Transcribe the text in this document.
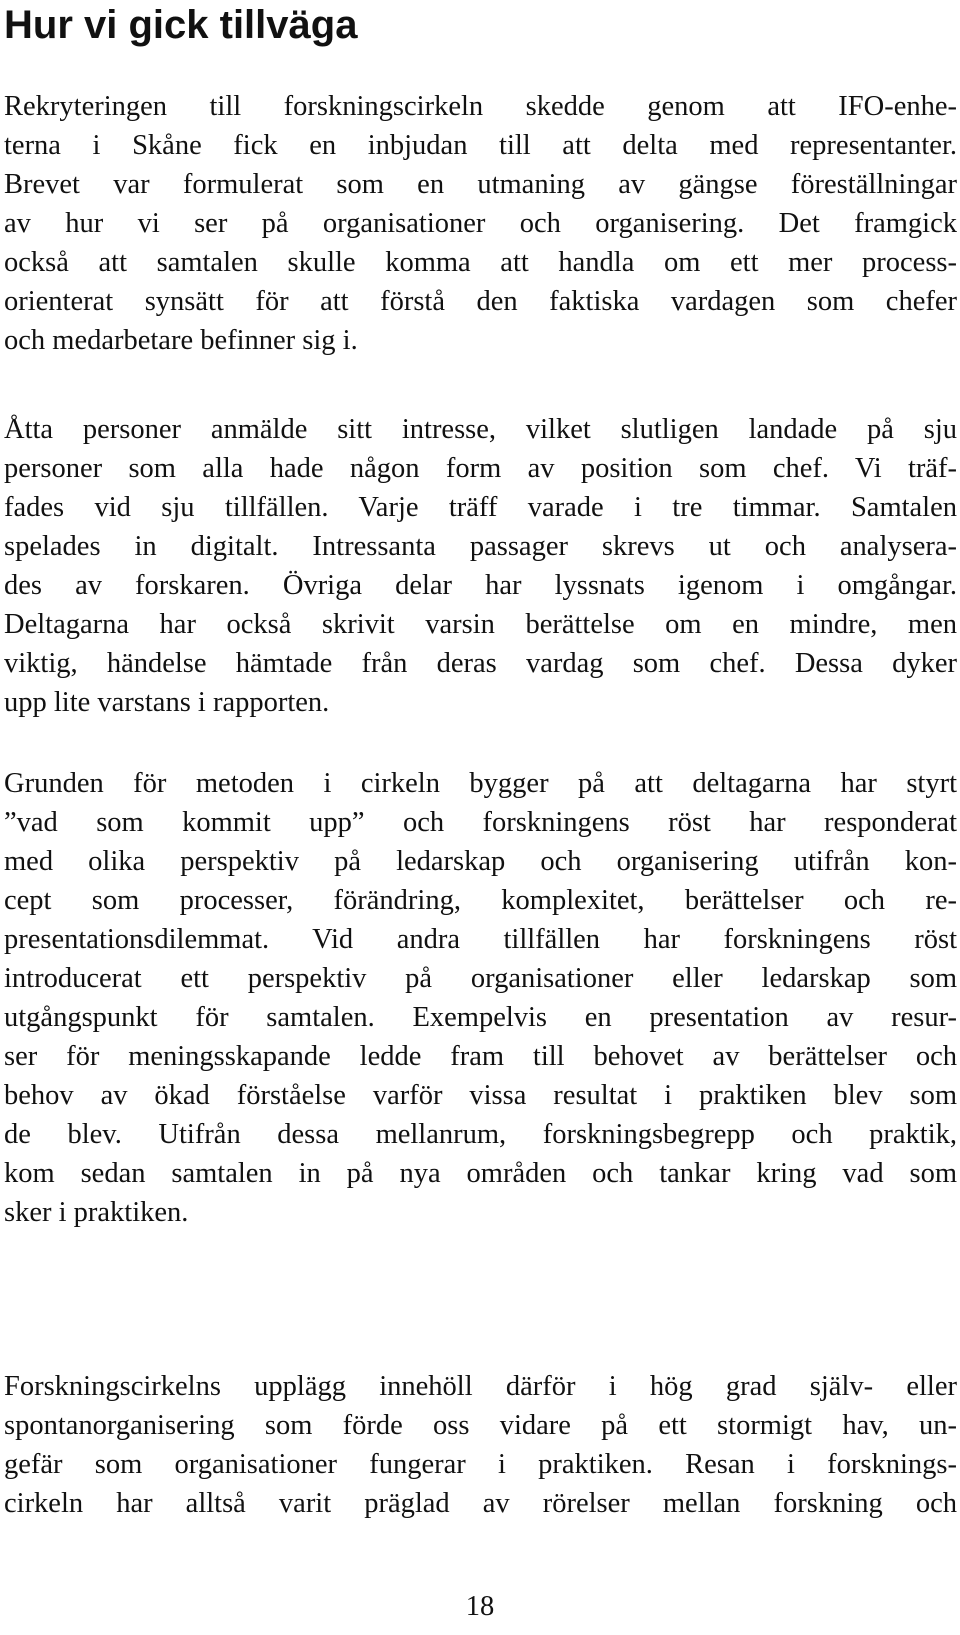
Hur vi gick tillväga
Rekryteringen till forskningscirkeln skedde genom att IFO-enhe-
terna i Skåne fick en inbjudan till att delta med representanter.
Brevet var formulerat som en utmaning av gängse föreställningar
av hur vi ser på organisationer och organisering. Det framgick
också att samtalen skulle komma att handla om ett mer process-
orienterat synsätt för att förstå den faktiska vardagen som chefer
och medarbetare befinner sig i.
Åtta personer anmälde sitt intresse, vilket slutligen landade på sju
personer som alla hade någon form av position som chef. Vi träf-
fades vid sju tillfällen. Varje träff varade i tre timmar. Samtalen
spelades in digitalt. Intressanta passager skrevs ut och analysera-
des av forskaren. Övriga delar har lyssnats igenom i omgångar.
Deltagarna har också skrivit varsin berättelse om en mindre, men
viktig, händelse hämtade från deras vardag som chef. Dessa dyker
upp lite varstans i rapporten.
Grunden för metoden i cirkeln bygger på att deltagarna har styrt
”vad som kommit upp” och forskningens röst har responderat
med olika perspektiv på ledarskap och organisering utifrån kon-
cept som processer, förändring, komplexitet, berättelser och re-
presentationsdilemmat. Vid andra tillfällen har forskningens röst
introducerat ett perspektiv på organisationer eller ledarskap som
utgångspunkt för samtalen. Exempelvis en presentation av resur-
ser för meningsskapande ledde fram till behovet av berättelser och
behov av ökad förståelse varför vissa resultat i praktiken blev som
de blev. Utifrån dessa mellanrum, forskningsbegrepp och praktik,
kom sedan samtalen in på nya områden och tankar kring vad som
sker i praktiken.
Forskningscirkelns upplägg innehöll därför i hög grad själv- eller
spontanorganisering som förde oss vidare på ett stormigt hav, un-
gefär som organisationer fungerar i praktiken. Resan i forsknings-
cirkeln har alltså varit präglad av rörelser mellan forskning och
18
